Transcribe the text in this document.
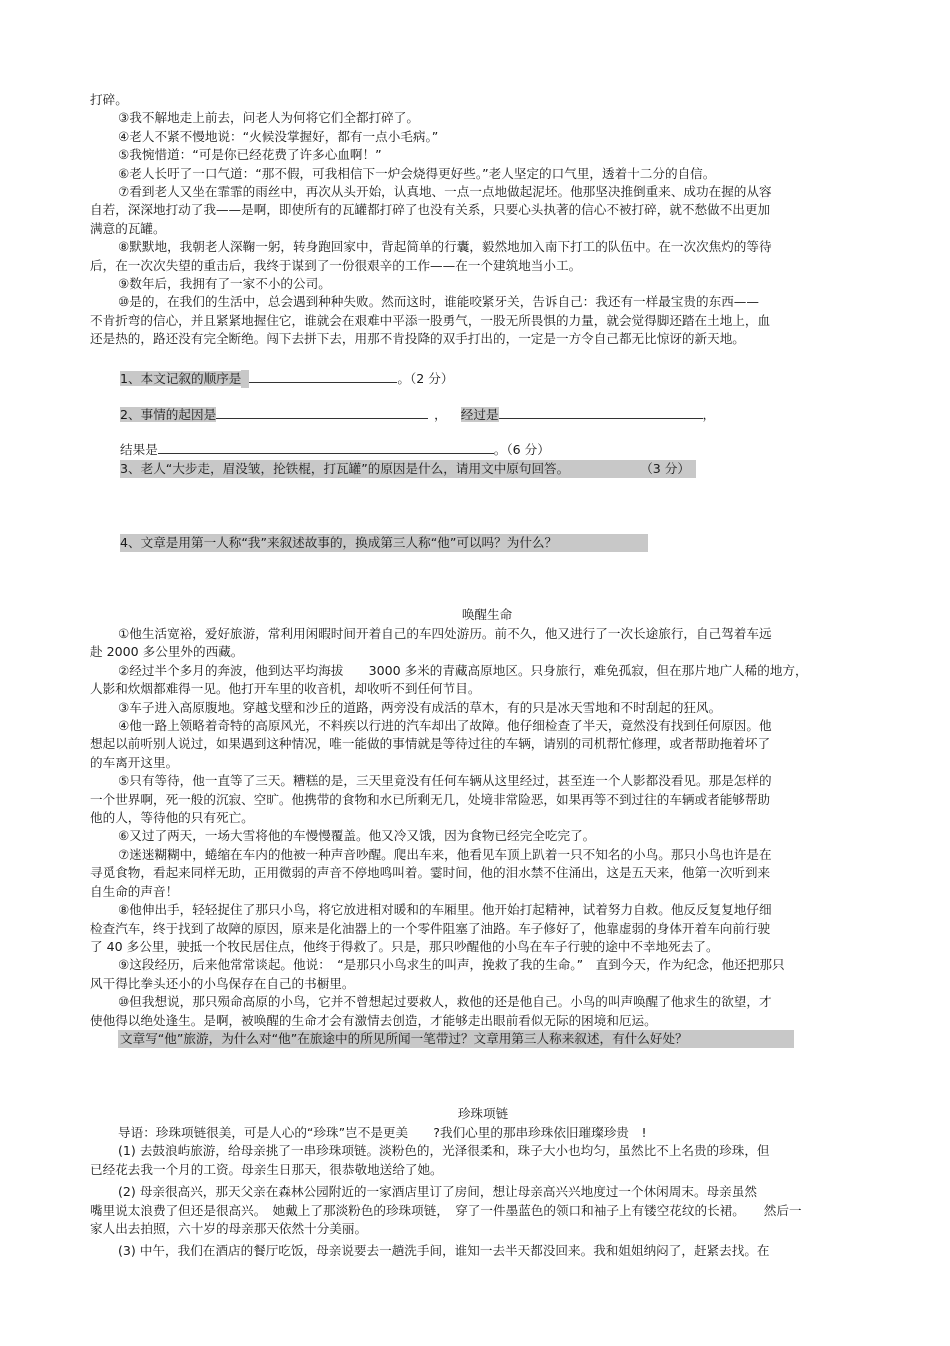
打碎。

③我不解地走上前去，问老人为何将它们全都打碎了。

④老人不紧不慢地说：“火候没掌握好，都有一点小毛病。”

⑤我惋惜道：“可是你已经花费了许多心血啊！”

⑥老人长吁了一口气道：“那不假，可我相信下一炉会烧得更好些。”老人坚定的口气里，透着十二分的自信。

⑦看到老人又坐在霏霏的雨丝中，再次从头开始，认真地、一点一点地做起泥坯。他那坚决推倒重来、成功在握的从容

自若，深深地打动了我——是啊，即使所有的瓦罐都打碎了也没有关系，只要心头执著的信心不被打碎，就不愁做不出更加

满意的瓦罐。

⑧默默地，我朝老人深鞠一躬，转身跑回家中，背起简单的行囊，毅然地加入南下打工的队伍中。在一次次焦灼的等待

后，在一次次失望的重击后，我终于谋到了一份很艰辛的工作——在一个建筑地当小工。

⑨数年后，我拥有了一家不小的公司。

⑩是的，在我们的生活中，总会遇到种种失败。然而这时，谁能咬紧牙关，告诉自己：我还有一样最宝贵的东西——

不肯折弯的信心，并且紧紧地握住它，谁就会在艰难中平添一股勇气，一股无所畏惧的力量，就会觉得脚还踏在土地上，血

还是热的，路还没有完全断绝。闯下去拼下去，用那不肯投降的双手打出的，一定是一方令自己都无比惊讶的新天地。

1、本文记叙的顺序是	。（2 分）
2、事情的起因是	， 经过是	，
结果是	。（6 分）
3、老人“大步走，眉没皱，抡铁棍，打瓦罐”的原因是什么，请用文中原句回答。	（3 分）
4、文章是用第一人称“我”来叙述故事的，换成第三人称“他”可以吗？为什么？
唤醒生命

①他生活宽裕，爱好旅游，常利用闲暇时间开着自己的车四处游历。前不久，他又进行了一次长途旅行，自己驾着车远

赴 2000 多公里外的西藏。

②经过半个多月的奔波，他到达平均海拔　　3000 多米的青藏高原地区。只身旅行，难免孤寂，但在那片地广人稀的地方，

人影和炊烟都难得一见。他打开车里的收音机，却收听不到任何节目。

③车子进入高原腹地。穿越戈壁和沙丘的道路，两旁没有成活的草木，有的只是冰天雪地和不时刮起的狂风。

④他一路上领略着奇特的高原风光，不料疾以行进的汽车却出了故障。他仔细检查了半天，竟然没有找到任何原因。他

想起以前听别人说过，如果遇到这种情况，唯一能做的事情就是等待过往的车辆，请别的司机帮忙修理，或者帮助拖着坏了

的车离开这里。

⑤只有等待，他一直等了三天。糟糕的是，三天里竟没有任何车辆从这里经过，甚至连一个人影都没看见。那是怎样的

一个世界啊，死一般的沉寂、空旷。他携带的食物和水已所剩无几，处境非常险恶，如果再等不到过往的车辆或者能够帮助

他的人，等待他的只有死亡。

⑥又过了两天，一场大雪将他的车慢慢覆盖。他又冷又饿，因为食物已经完全吃完了。

⑦迷迷糊糊中，蜷缩在车内的他被一种声音吵醒。爬出车来，他看见车顶上趴着一只不知名的小鸟。那只小鸟也许是在

寻觅食物，看起来同样无助，正用微弱的声音不停地鸣叫着。霎时间，他的泪水禁不住涌出，这是五天来，他第一次听到来

自生命的声音！

⑧他伸出手，轻轻捉住了那只小鸟，将它放进相对暖和的车厢里。他开始打起精神，试着努力自救。他反反复复地仔细

检查汽车，终于找到了故障的原因，原来是化油器上的一个零件阻塞了油路。车子修好了，他靠虚弱的身体开着车向前行驶

了 40 多公里，驶抵一个牧民居住点，他终于得救了。只是，那只吵醒他的小鸟在车子行驶的途中不幸地死去了。

⑨这段经历，后来他常常谈起。他说：　“是那只小鸟求生的叫声，挽救了我的生命。”　直到今天，作为纪念，他还把那只

风干得比拳头还小的小鸟保存在自己的书橱里。

⑩但我想说，那只殒命高原的小鸟，它并不曾想起过要救人，救他的还是他自己。小鸟的叫声唤醒了他求生的欲望，才

使他得以绝处逢生。是啊，被唤醒的生命才会有激情去创造，才能够走出眼前看似无际的困境和厄运。

文章写“他”旅游，为什么对“他”在旅途中的所见所闻一笔带过？文章用第三人称来叙述，有什么好处？
珍珠项链

导语：珍珠项链很美，可是人心的“珍珠”岂不是更美　　?我们心里的那串珍珠依旧璀璨珍贵　!

(1) 去鼓浪屿旅游，给母亲挑了一串珍珠项链。淡粉色的，光泽很柔和，珠子大小也均匀，虽然比不上名贵的珍珠，但

已经花去我一个月的工资。母亲生日那天，很恭敬地送给了她。

(2) 母亲很高兴，那天父亲在森林公园附近的一家酒店里订了房间，想让母亲高兴兴地度过一个休闲周末。母亲虽然

嘴里说太浪费了但还是很高兴。　她戴上了那淡粉色的珍珠项链，　穿了一件墨蓝色的领口和袖子上有镂空花纹的长裙。　　然后一

家人出去拍照，六十岁的母亲那天依然十分美丽。

(3) 中午，我们在酒店的餐厅吃饭，母亲说要去一趟洗手间，谁知一去半天都没回来。我和姐姐纳闷了，赶紧去找。在
